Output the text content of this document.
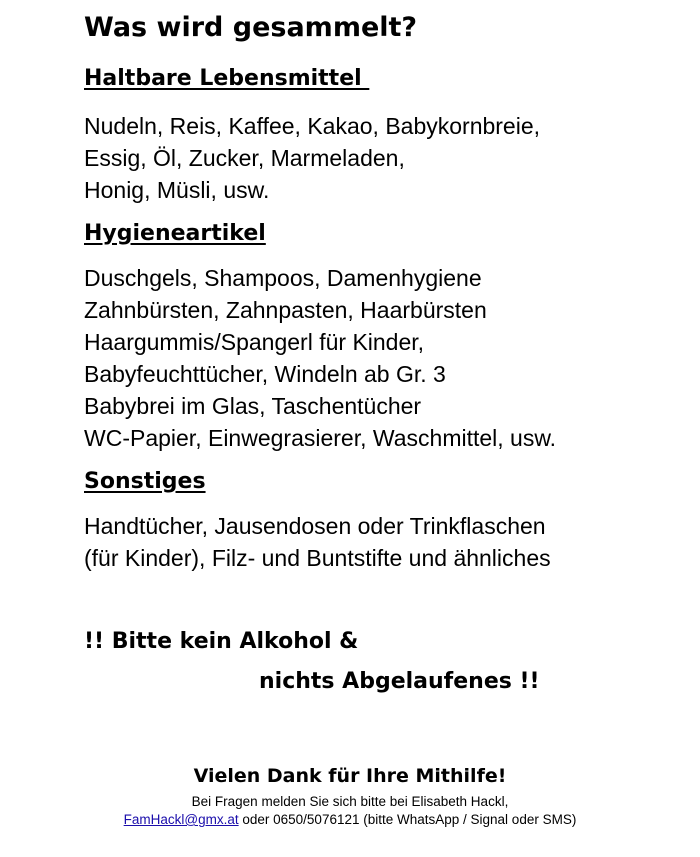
Was wird gesammelt?
Haltbare Lebensmittel
Nudeln, Reis, Kaffee, Kakao, Babykornbreie,
Essig, Öl, Zucker, Marmeladen,
Honig, Müsli, usw.
Hygieneartikel
Duschgels, Shampoos, Damenhygiene
Zahnbürsten, Zahnpasten, Haarbürsten
Haargummis/Spangerl für Kinder,
Babyfeuchttücher, Windeln ab Gr. 3
Babybrei im Glas, Taschentücher
WC-Papier, Einwegrasierer, Waschmittel, usw.
Sonstiges
Handtücher, Jausendosen oder Trinkflaschen
(für Kinder), Filz- und Buntstifte und ähnliches

!! Bitte kein Alkohol &

nichts Abgelaufenes !!

Vielen Dank für Ihre Mithilfe!

Bei Fragen melden Sie sich bitte bei Elisabeth Hackl,

FamHackl@gmx.at oder 0650/5076121 (bitte WhatsApp / Signal oder SMS)
